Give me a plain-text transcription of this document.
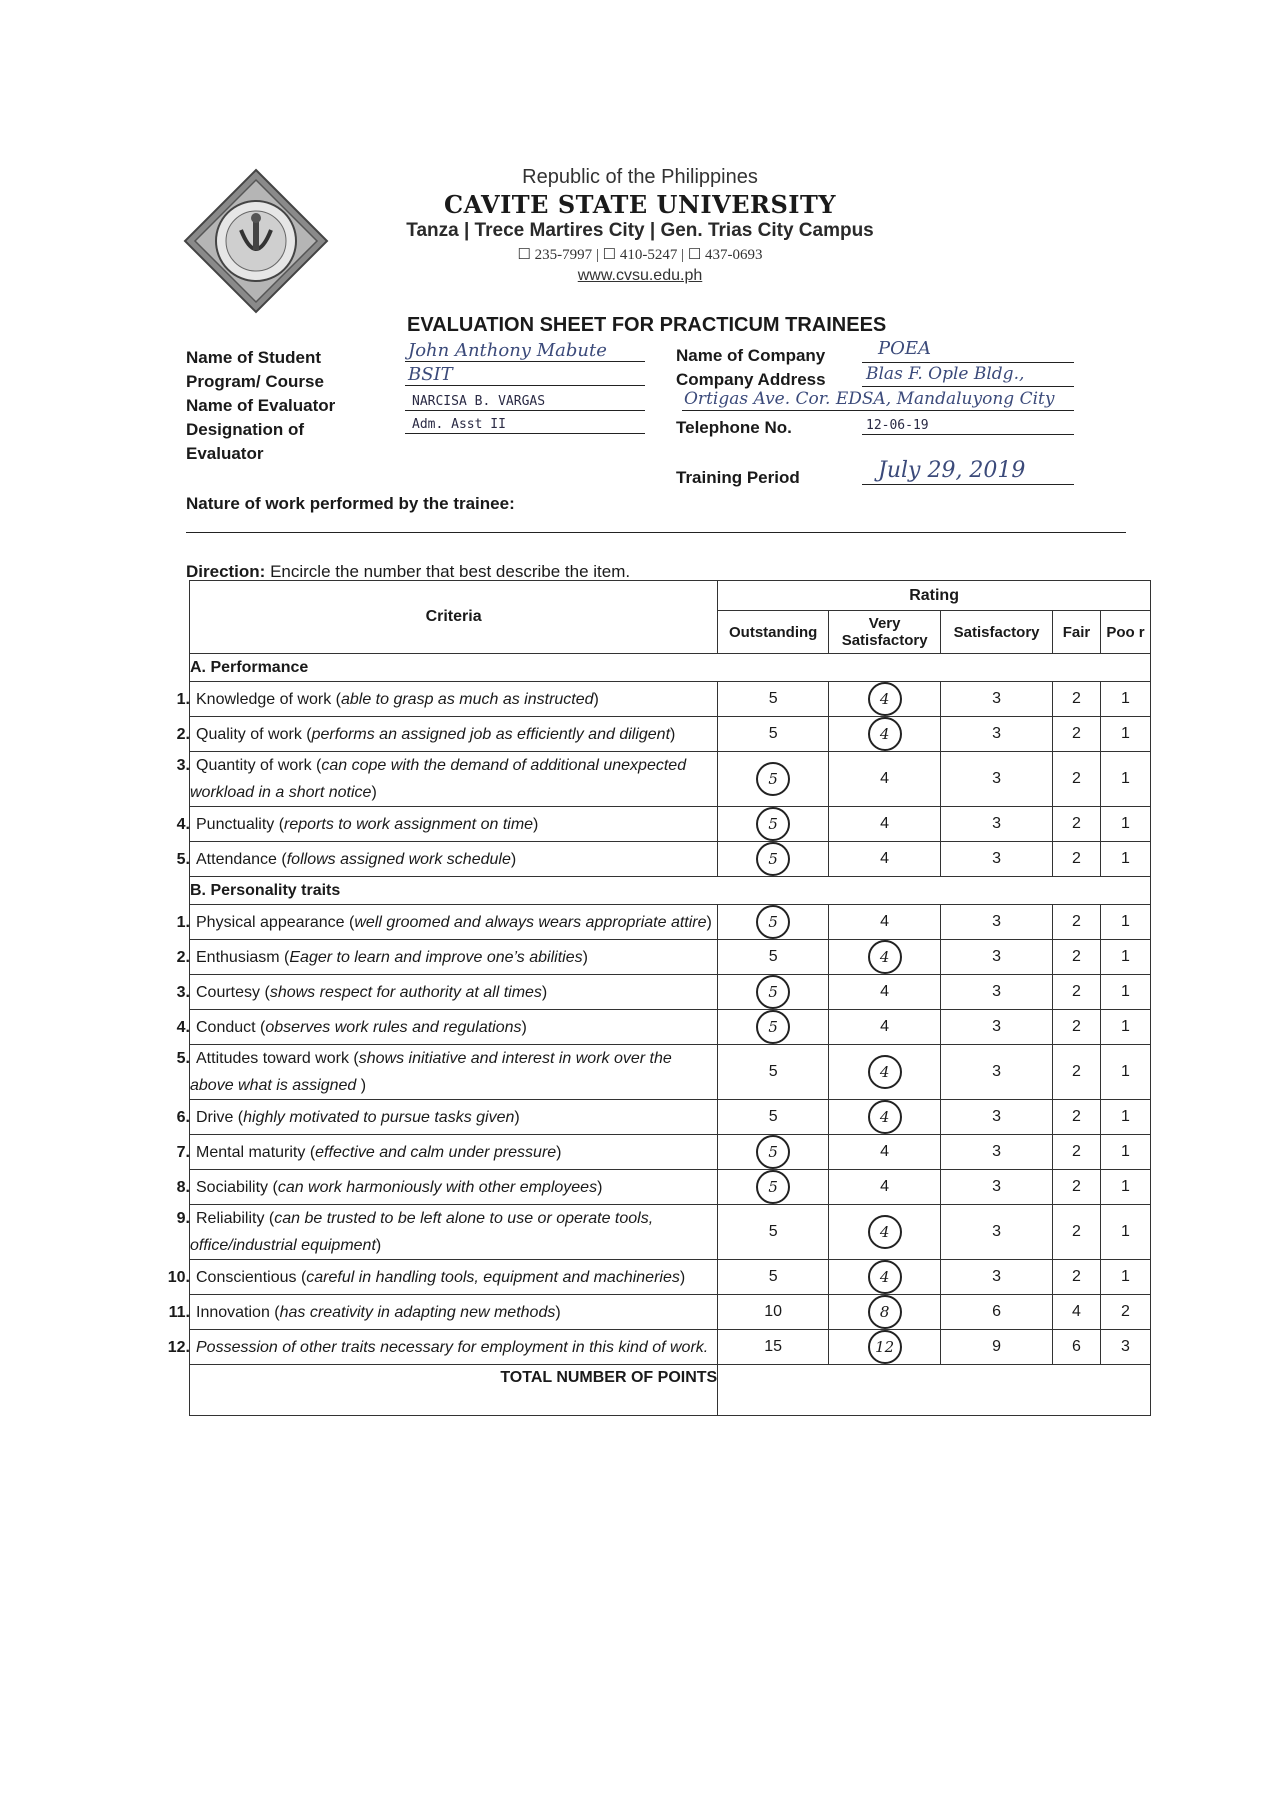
Republic of the Philippines
CAVITE STATE UNIVERSITY
Tanza | Trece Martires City | Gen. Trias City Campus
☐ 235-7997 | ☐ 410-5247 | ☐ 437-0693
www.cvsu.edu.ph
EVALUATION SHEET FOR PRACTICUM TRAINEES
Name of Student	John Anthony Mabute
Program/ Course	BSIT
Name of Evaluator	NARCISA B. VARGAS
Designation of
Evaluator
Adm. Asst II
Name of Company	POEA
Company Address Blas F. Ople Bldg.,
Ortigas Ave. Cor. EDSA, Mandaluyong City
Telephone No.	12-06-19
Training Period	July 29, 2019
Nature of work performed by the trainee:
Direction: Encircle the number that best describe the item.
Criteria	Rating				
	Outstanding	Very Satisfactory	Satisfactory	Fair	Poo r
A. Performance					
1. Knowledge of work (able to grasp as much as instructed)	5	4	3	2	1
2. Quality of work (performs an assigned job as efficiently and diligent)	5	4	3	2	1
3. Quantity of work (can cope with the demand of additional unexpected workload in a short notice)	5	4	3	2	1
4. Punctuality (reports to work assignment on time)	5	4	3	2	1
5. Attendance (follows assigned work schedule)	5	4	3	2	1
B. Personality traits					
1. Physical appearance (well groomed and always wears appropriate attire)	5	4	3	2	1
2. Enthusiasm (Eager to learn and improve one’s abilities)	5	4	3	2	1
3. Courtesy (shows respect for authority at all times)	5	4	3	2	1
4. Conduct (observes work rules and regulations)	5	4	3	2	1
5. Attitudes toward work (shows initiative and interest in work over the above what is assigned )	5	4	3	2	1
6. Drive (highly motivated to pursue tasks given)	5	4	3	2	1
7. Mental maturity (effective and calm under pressure)	5	4	3	2	1
8. Sociability (can work harmoniously with other employees)	5	4	3	2	1
9. Reliability (can be trusted to be left alone to use or operate tools, office/industrial equipment)	5	4	3	2	1
10. Conscientious (careful in handling tools, equipment and machineries)	5	4	3	2	1
11. Innovation (has creativity in adapting new methods)	10	8	6	4	2
12. Possession of other traits necessary for employment in this kind of work.	15	12	9	6	3
TOTAL NUMBER OF POINTS					
